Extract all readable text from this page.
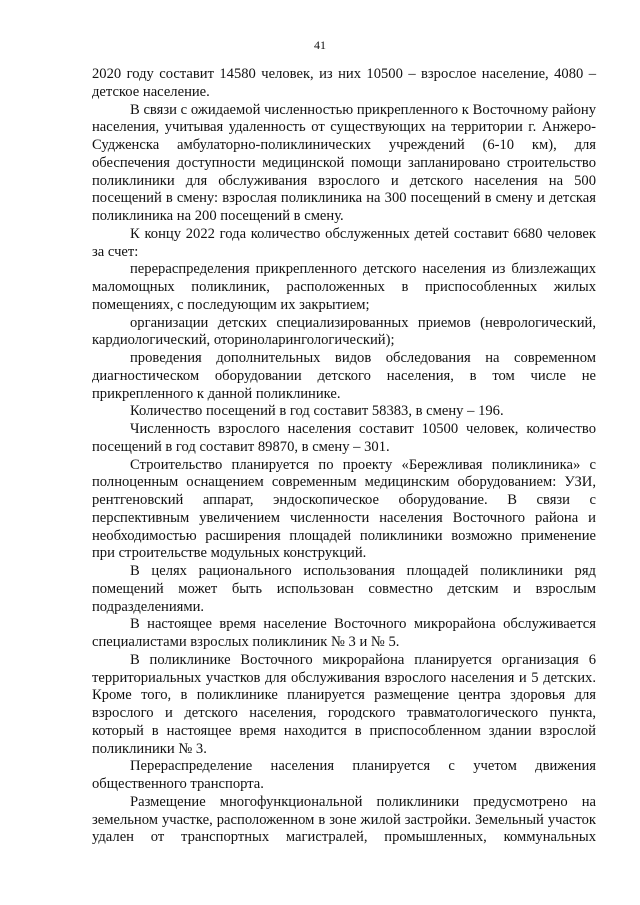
41

2020 году составит 14580 человек, из них 10500 – взрослое население, 4080 – детское население.

В связи с ожидаемой численностью прикрепленного к Восточному району населения, учитывая удаленность от существующих на территории г. Анжеро-Судженска амбулаторно-поликлинических учреждений (6-10 км), для обеспечения доступности медицинской помощи запланировано строительство поликлиники для обслуживания взрослого и детского населения на 500 посещений в смену: взрослая поликлиника на 300 посещений в смену и детская поликлиника на 200 посещений в смену.

К концу 2022 года количество обслуженных детей составит 6680 человек за счет:

перераспределения прикрепленного детского населения из близлежащих маломощных поликлиник, расположенных в приспособленных жилых помещениях, с последующим их закрытием;

организации детских специализированных приемов (неврологический, кардиологический, оториноларингологический);

проведения дополнительных видов обследования на современном диагностическом оборудовании детского населения, в том числе не прикрепленного к данной поликлинике.

Количество посещений в год составит 58383, в смену – 196.

Численность взрослого населения составит 10500 человек, количество посещений в год составит 89870, в смену – 301.

Строительство планируется по проекту «Бережливая поликлиника» с полноценным оснащением современным медицинским оборудованием: УЗИ, рентгеновский аппарат, эндоскопическое оборудование. В связи с перспективным увеличением численности населения Восточного района и необходимостью расширения площадей поликлиники возможно применение при строительстве модульных конструкций.

В целях рационального использования площадей поликлиники ряд помещений может быть использован совместно детским и взрослым подразделениями.

В настоящее время население Восточного микрорайона обслуживается специалистами взрослых поликлиник № 3 и № 5.

В поликлинике Восточного микрорайона планируется организация 6 территориальных участков для обслуживания взрослого населения и 5 детских. Кроме того, в поликлинике планируется размещение центра здоровья для взрослого и детского населения, городского травматологического пункта, который в настоящее время находится в приспособленном здании взрослой поликлиники № 3.

Перераспределение населения планируется с учетом движения общественного транспорта.

Размещение многофункциональной поликлиники предусмотрено на земельном участке, расположенном в зоне жилой застройки. Земельный участок удален от транспортных магистралей, промышленных, коммунальных
